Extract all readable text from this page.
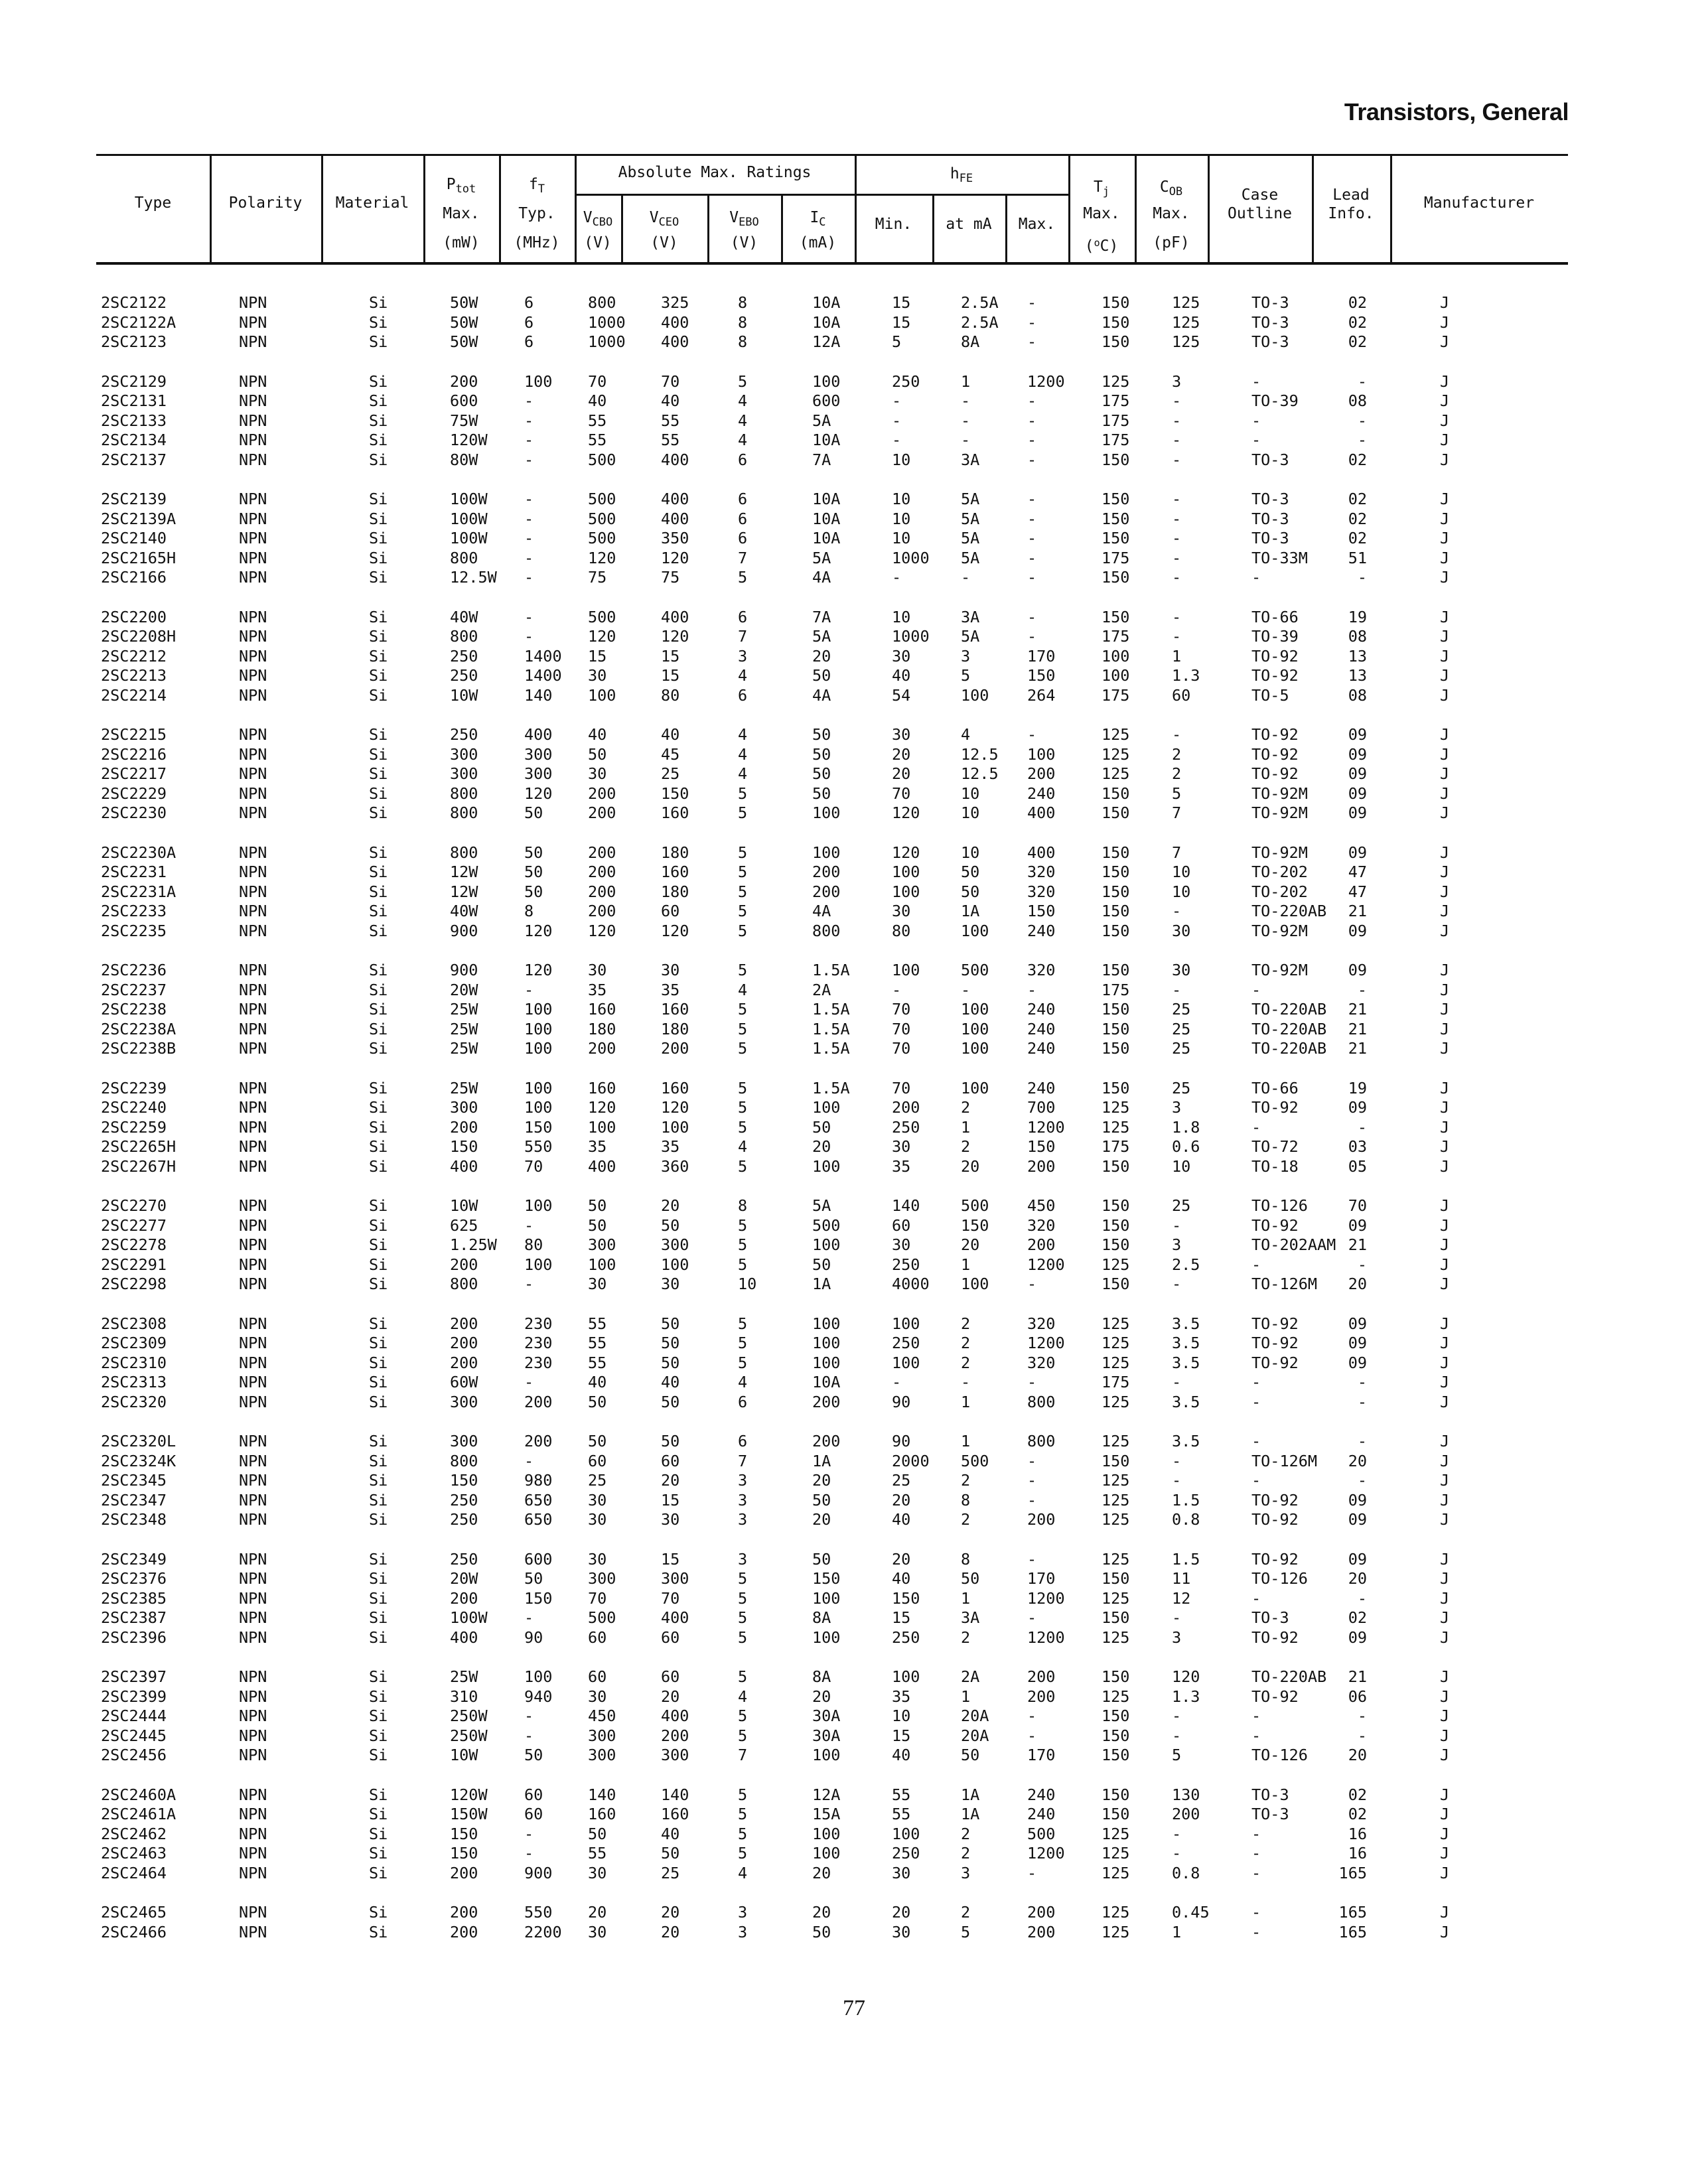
Transistors, General
Type	Polarity	Material
$P_{tot}$
Max.
(mW)
$f_T$
Typ.
(MHz)
Absolute Max. Ratings
$V_{CBO}$
(V)
$V_{CEO}$
(V)
$V_{EBO}$
(V)
$I_C$
(mA)
$h_{FE}$
Min.	at mA	Max.
$T_j$
Max.
($^o$C)
$C_{OB}$
Max.
(pF)
Case
Outline
Lead
Info.
Manufacturer
2SC2122	NPN	Si	50W	6	800	325	8	10A	15	2.5A	-	150	125	TO-3	02	J
2SC2122A	NPN	Si	50W	6	1000	400	8	10A	15	2.5A	-	150	125	TO-3	02	J
2SC2123	NPN	Si	50W	6	1000	400	8	12A	5	8A	-	150	125	TO-3	02	J
2SC2129	NPN	Si	200	100	70	70	5	100	250	1	1200	125	3	-	-	J
2SC2131	NPN	Si	600	-	40	40	4	600	-	-	-	175	-	TO-39	08	J
2SC2133	NPN	Si	75W	-	55	55	4	5A	-	-	-	175	-	-	-	J
2SC2134	NPN	Si	120W	-	55	55	4	10A	-	-	-	175	-	-	-	J
2SC2137	NPN	Si	80W	-	500	400	6	7A	10	3A	-	150	-	TO-3	02	J
2SC2139	NPN	Si	100W	-	500	400	6	10A	10	5A	-	150	-	TO-3	02	J
2SC2139A	NPN	Si	100W	-	500	400	6	10A	10	5A	-	150	-	TO-3	02	J
2SC2140	NPN	Si	100W	-	500	350	6	10A	10	5A	-	150	-	TO-3	02	J
2SC2165H	NPN	Si	800	-	120	120	7	5A	1000	5A	-	175	-	TO-33M	51	J
2SC2166	NPN	Si	12.5W	-	75	75	5	4A	-	-	-	150	-	-	-	J
2SC2200	NPN	Si	40W	-	500	400	6	7A	10	3A	-	150	-	TO-66	19	J
2SC2208H	NPN	Si	800	-	120	120	7	5A	1000	5A	-	175	-	TO-39	08	J
2SC2212	NPN	Si	250	1400	15	15	3	20	30	3	170	100	1	TO-92	13	J
2SC2213	NPN	Si	250	1400	30	15	4	50	40	5	150	100	1.3	TO-92	13	J
2SC2214	NPN	Si	10W	140	100	80	6	4A	54	100	264	175	60	TO-5	08	J
2SC2215	NPN	Si	250	400	40	40	4	50	30	4	-	125	-	TO-92	09	J
2SC2216	NPN	Si	300	300	50	45	4	50	20	12.5	100	125	2	TO-92	09	J
2SC2217	NPN	Si	300	300	30	25	4	50	20	12.5	200	125	2	TO-92	09	J
2SC2229	NPN	Si	800	120	200	150	5	50	70	10	240	150	5	TO-92M	09	J
2SC2230	NPN	Si	800	50	200	160	5	100	120	10	400	150	7	TO-92M	09	J
2SC2230A	NPN	Si	800	50	200	180	5	100	120	10	400	150	7	TO-92M	09	J
2SC2231	NPN	Si	12W	50	200	160	5	200	100	50	320	150	10	TO-202	47	J
2SC2231A	NPN	Si	12W	50	200	180	5	200	100	50	320	150	10	TO-202	47	J
2SC2233	NPN	Si	40W	8	200	60	5	4A	30	1A	150	150	-	TO-220AB	21	J
2SC2235	NPN	Si	900	120	120	120	5	800	80	100	240	150	30	TO-92M	09	J
2SC2236	NPN	Si	900	120	30	30	5	1.5A	100	500	320	150	30	TO-92M	09	J
2SC2237	NPN	Si	20W	-	35	35	4	2A	-	-	-	175	-	-	-	J
2SC2238	NPN	Si	25W	100	160	160	5	1.5A	70	100	240	150	25	TO-220AB	21	J
2SC2238A	NPN	Si	25W	100	180	180	5	1.5A	70	100	240	150	25	TO-220AB	21	J
2SC2238B	NPN	Si	25W	100	200	200	5	1.5A	70	100	240	150	25	TO-220AB	21	J
2SC2239	NPN	Si	25W	100	160	160	5	1.5A	70	100	240	150	25	TO-66	19	J
2SC2240	NPN	Si	300	100	120	120	5	100	200	2	700	125	3	TO-92	09	J
2SC2259	NPN	Si	200	150	100	100	5	50	250	1	1200	125	1.8	-	-	J
2SC2265H	NPN	Si	150	550	35	35	4	20	30	2	150	175	0.6	TO-72	03	J
2SC2267H	NPN	Si	400	70	400	360	5	100	35	20	200	150	10	TO-18	05	J
2SC2270	NPN	Si	10W	100	50	20	8	5A	140	500	450	150	25	TO-126	70	J
2SC2277	NPN	Si	625	-	50	50	5	500	60	150	320	150	-	TO-92	09	J
2SC2278	NPN	Si	1.25W	80	300	300	5	100	30	20	200	150	3	TO-202AAM 21	J
2SC2291	NPN	Si	200	100	100	100	5	50	250	1	1200	125	2.5	-	-	J
2SC2298	NPN	Si	800	-	30	30	10	1A	4000	100	-	150	-	TO-126M	20	J
2SC2308	NPN	Si	200	230	55	50	5	100	100	2	320	125	3.5	TO-92	09	J
2SC2309	NPN	Si	200	230	55	50	5	100	250	2	1200	125	3.5	TO-92	09	J
2SC2310	NPN	Si	200	230	55	50	5	100	100	2	320	125	3.5	TO-92	09	J
2SC2313	NPN	Si	60W	-	40	40	4	10A	-	-	-	175	-	-	-	J
2SC2320	NPN	Si	300	200	50	50	6	200	90	1	800	125	3.5	-	-	J
2SC2320L	NPN	Si	300	200	50	50	6	200	90	1	800	125	3.5	-	-	J
2SC2324K	NPN	Si	800	-	60	60	7	1A	2000	500	-	150	-	TO-126M	20	J
2SC2345	NPN	Si	150	980	25	20	3	20	25	2	-	125	-	-	-	J
2SC2347	NPN	Si	250	650	30	15	3	50	20	8	-	125	1.5	TO-92	09	J
2SC2348	NPN	Si	250	650	30	30	3	20	40	2	200	125	0.8	TO-92	09	J
2SC2349	NPN	Si	250	600	30	15	3	50	20	8	-	125	1.5	TO-92	09	J
2SC2376	NPN	Si	20W	50	300	300	5	150	40	50	170	150	11	TO-126	20	J
2SC2385	NPN	Si	200	150	70	70	5	100	150	1	1200	125	12	-	-	J
2SC2387	NPN	Si	100W	-	500	400	5	8A	15	3A	-	150	-	TO-3	02	J
2SC2396	NPN	Si	400	90	60	60	5	100	250	2	1200	125	3	TO-92	09	J
2SC2397	NPN	Si	25W	100	60	60	5	8A	100	2A	200	150	120	TO-220AB	21	J
2SC2399	NPN	Si	310	940	30	20	4	20	35	1	200	125	1.3	TO-92	06	J
2SC2444	NPN	Si	250W	-	450	400	5	30A	10	20A	-	150	-	-	-	J
2SC2445	NPN	Si	250W	-	300	200	5	30A	15	20A	-	150	-	-	-	J
2SC2456	NPN	Si	10W	50	300	300	7	100	40	50	170	150	5	TO-126	20	J
2SC2460A	NPN	Si	120W	60	140	140	5	12A	55	1A	240	150	130	TO-3	02	J
2SC2461A	NPN	Si	150W	60	160	160	5	15A	55	1A	240	150	200	TO-3	02	J
2SC2462	NPN	Si	150	-	50	40	5	100	100	2	500	125	-	-	16	J
2SC2463	NPN	Si	150	-	55	50	5	100	250	2	1200	125	-	-	16	J
2SC2464	NPN	Si	200	900	30	25	4	20	30	3	-	125	0.8	-	165	J
2SC2465	NPN	Si	200	550	20	20	3	20	20	2	200	125	0.45	-	165	J
2SC2466	NPN	Si	200	2200	30	20	3	50	30	5	200	125	1	-	165	J
77
